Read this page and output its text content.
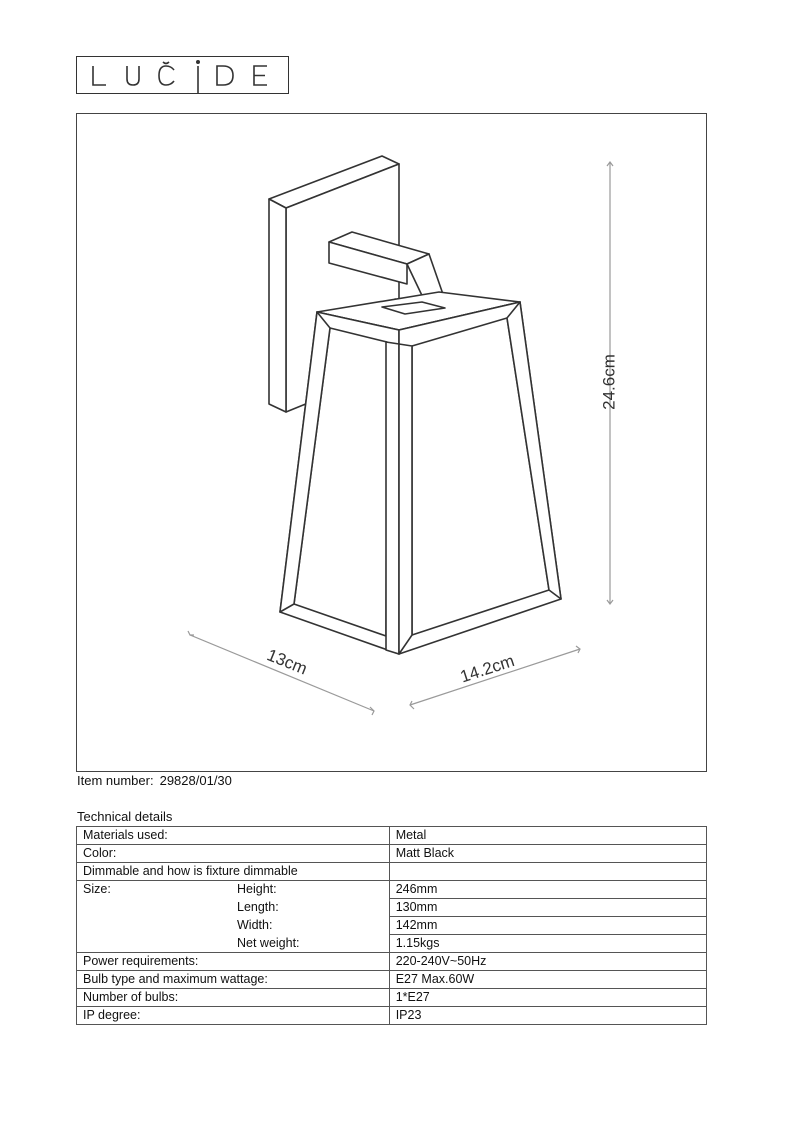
24.6cm
13cm	14.2cm
Item number: 29828/01/30
Technical details
Materials used:	Metal
Color:	Matt Black
Dimmable and how is fixture dimmable	

Size: Height:	246mm

Length:	130mm

Width:	142mm

Net weight:	1.15kgs
Power requirements:	220-240V~50Hz
Bulb type and maximum wattage:	E27 Max.60W
Number of bulbs:	1*E27
IP degree:	IP23
